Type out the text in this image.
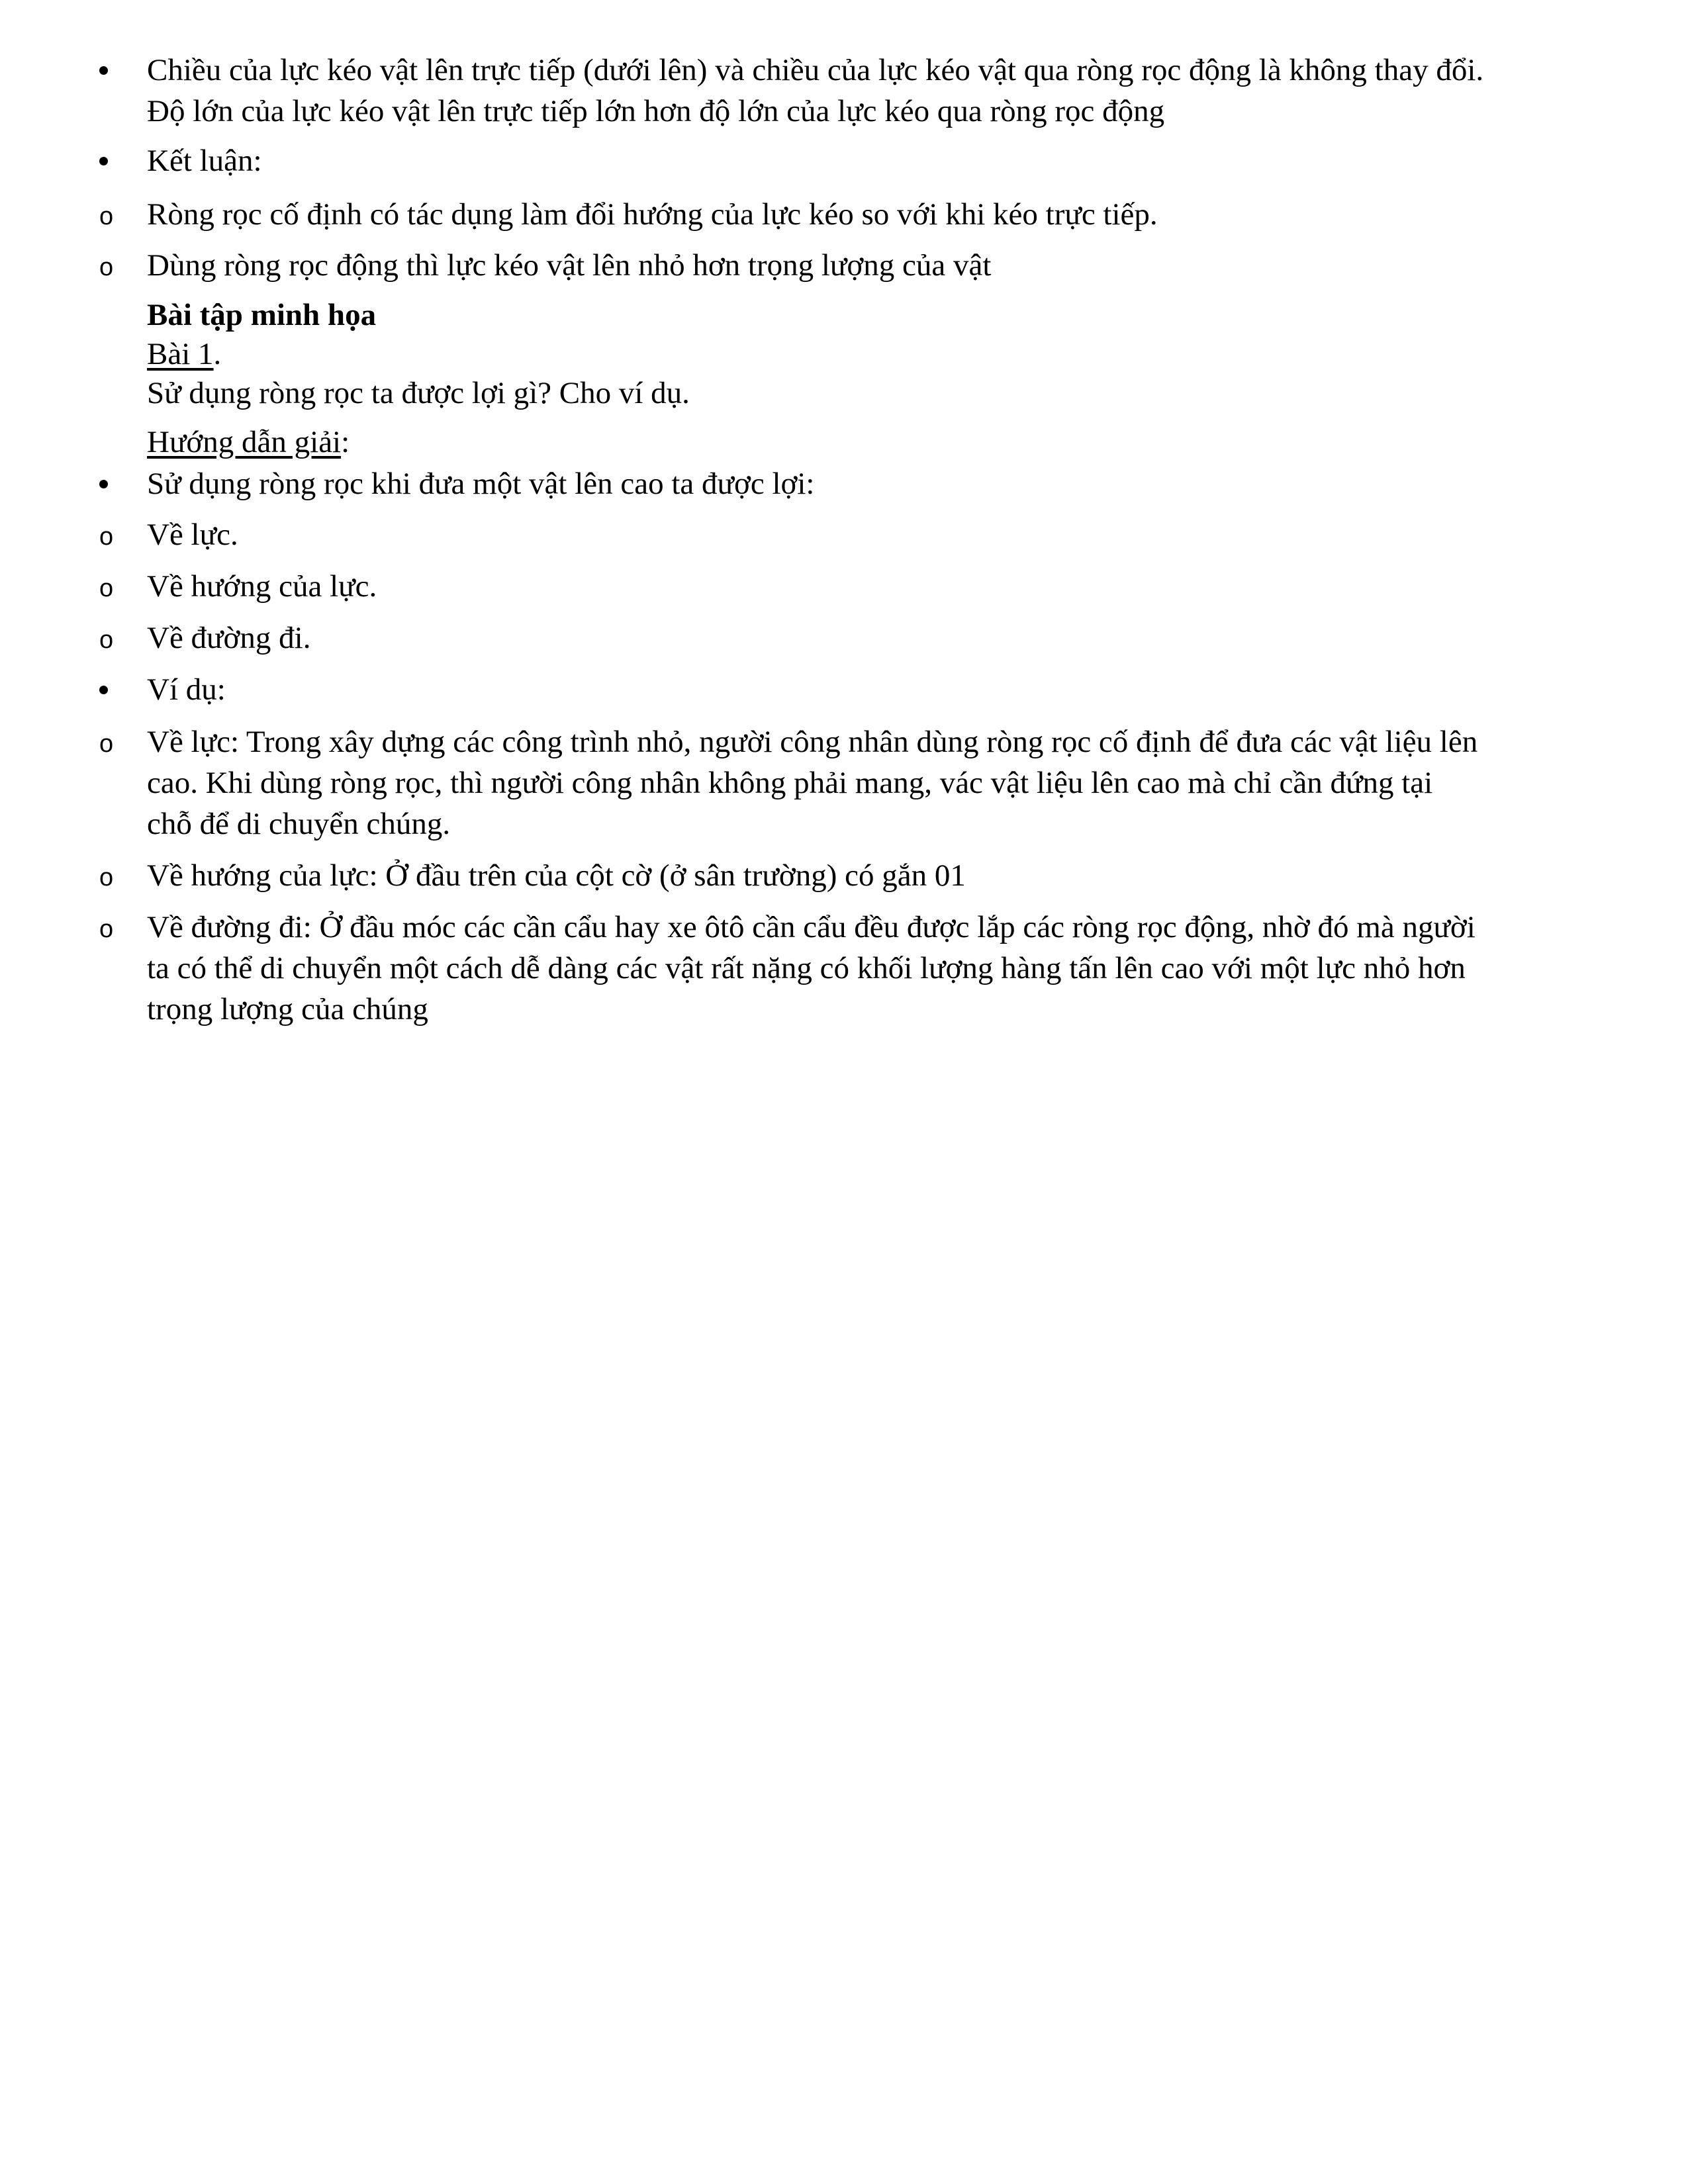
Chiều của lực kéo vật lên trực tiếp (dưới lên) và chiều của lực kéo vật qua ròng rọc động là không thay đổi.
Độ lớn của lực kéo vật lên trực tiếp lớn hơn độ lớn của lực kéo qua ròng rọc động
Kết luận:
o	Ròng rọc cố định có tác dụng làm đổi hướng của lực kéo so với khi kéo trực tiếp.
o	Dùng ròng rọc động thì lực kéo vật lên nhỏ hơn trọng lượng của vật
Bài tập minh họa
Bài 1.
Sử dụng ròng rọc ta được lợi gì? Cho ví dụ.
Hướng dẫn giải:
Sử dụng ròng rọc khi đưa một vật lên cao ta được lợi:
o	Về lực.
o	Về hướng của lực.
o	Về đường đi.
Ví dụ:
o	Về lực: Trong xây dựng các công trình nhỏ, người công nhân dùng ròng rọc cố định để đưa các vật liệu lên
cao. Khi dùng ròng rọc, thì người công nhân không phải mang, vác vật liệu lên cao mà chỉ cần đứng tại
chỗ để di chuyển chúng.
o	Về hướng của lực: Ở đầu trên của cột cờ (ở sân trường) có gắn 01
o	Về đường đi: Ở đầu móc các cần cẩu hay xe ôtô cần cẩu đều được lắp các ròng rọc động, nhờ đó mà người
ta có thể di chuyển một cách dễ dàng các vật rất nặng có khối lượng hàng tấn lên cao với một lực nhỏ hơn
trọng lượng của chúng
